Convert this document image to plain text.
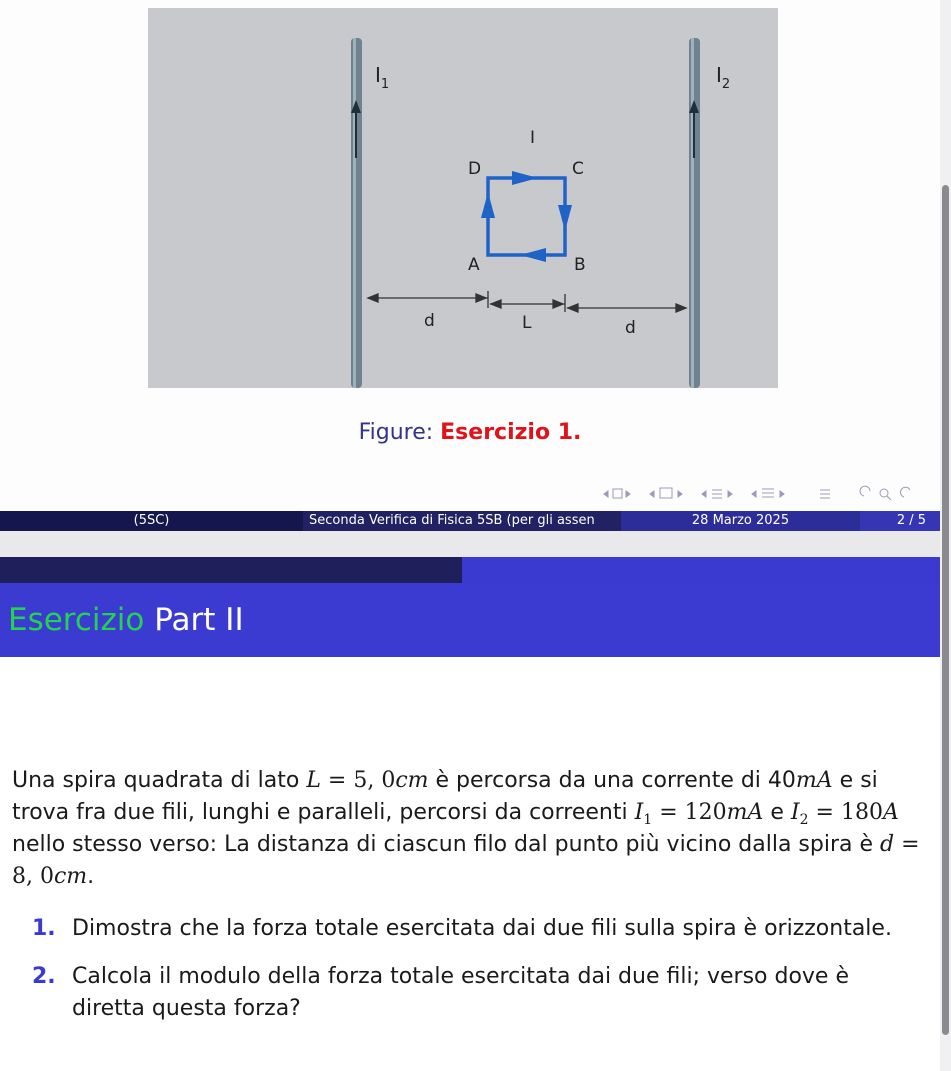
$I_1$	$I_2$
I
A	B
C
D
d	L	d
Figure: Esercizio 1.
(5SC)	Seconda Verifica di Fisica 5SB (per gli assen	28 Marzo 2025	2 / 5
Esercizio Part II

Una spira quadrata di lato L = 5, 0cm è percorsa da una corrente di 40mA e si trova fra due fili, lunghi e paralleli, percorsi da correenti $I_1 = 120mA$ e $I_2 = 180A$ nello stesso verso: La distanza di ciascun filo dal punto più vicino dalla spira è d = 8, 0cm.

1. Dimostra che la forza totale esercitata dai due fili sulla spira è orizzontale.
2. Calcola il modulo della forza totale esercitata dai due fili; verso dove è diretta questa forza?
